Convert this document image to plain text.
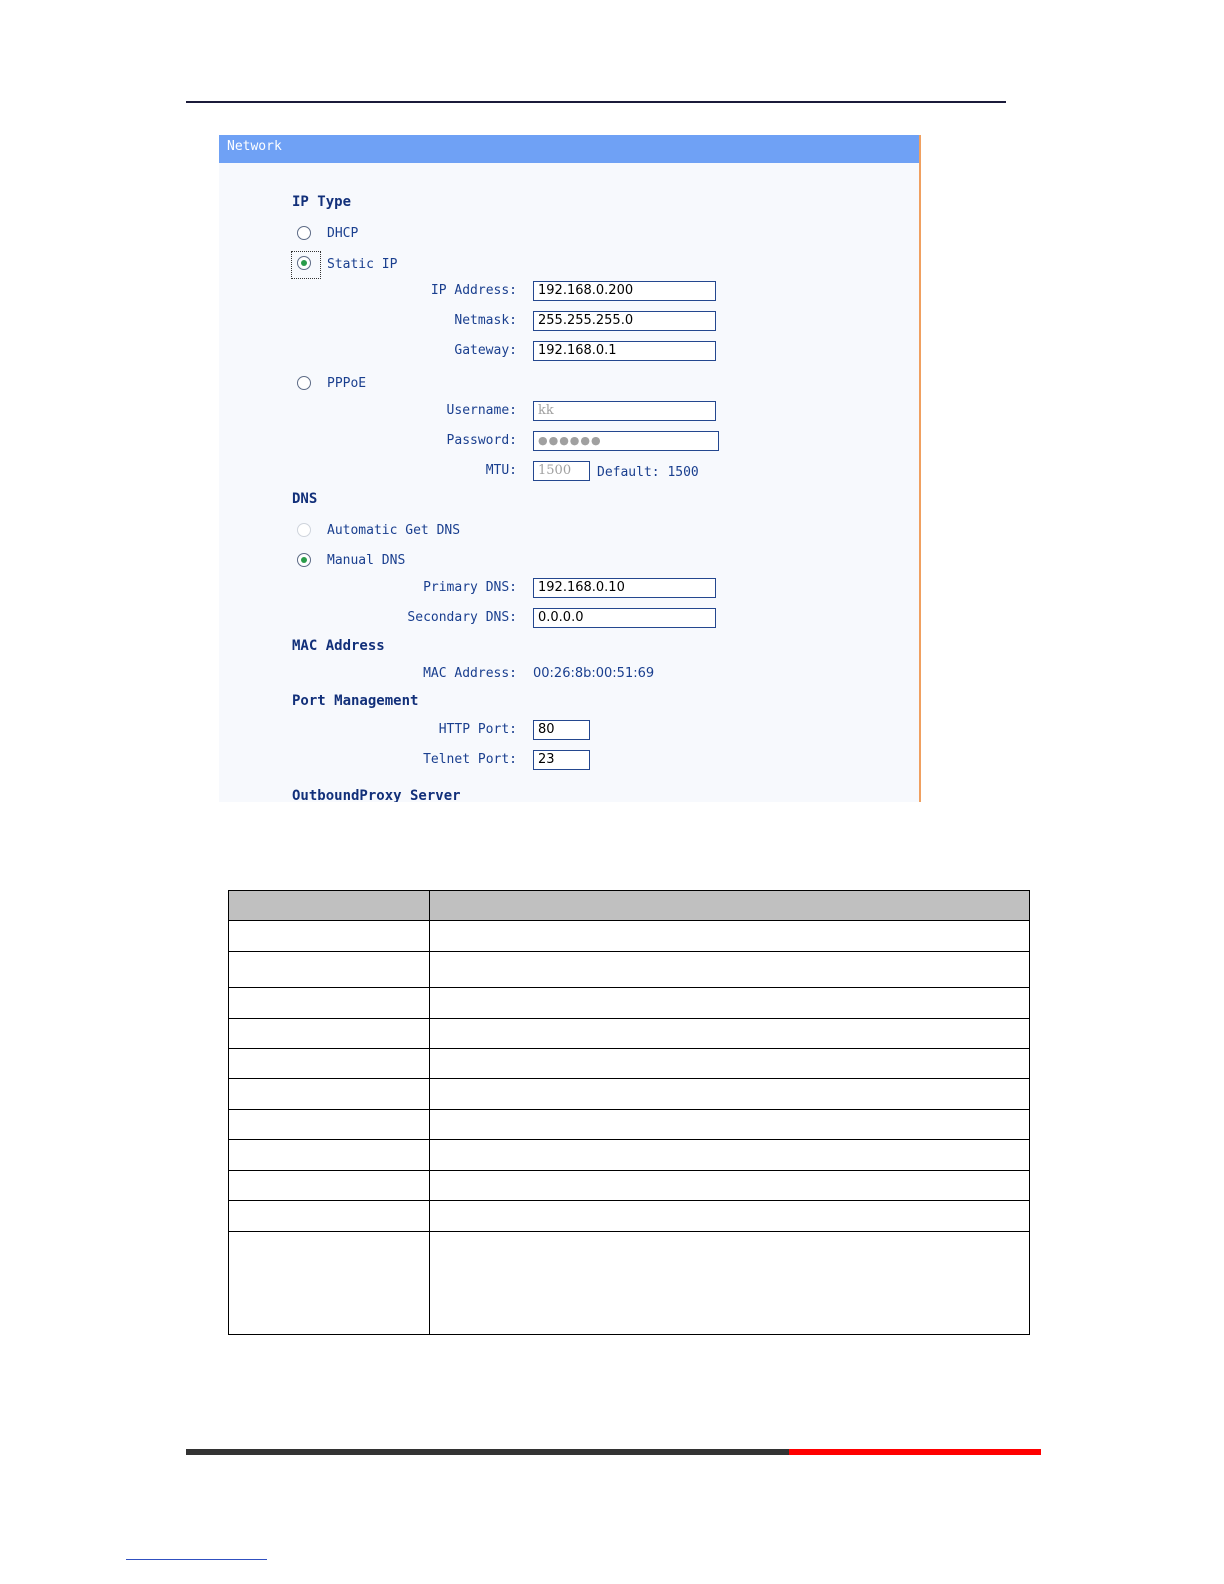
Network
IP Type
DHCP
Static IP
IP Address:	192.168.0.200
Netmask:	255.255.255.0
Gateway:	192.168.0.1
PPPoE
Username:	kk
Password:	●●●●●●
MTU:	1500	Default: 1500
DNS
Automatic Get DNS
Manual DNS
Primary DNS:	192.168.0.10
Secondary DNS:	0.0.0.0
MAC Address
MAC Address: 00:26:8b:00:51:69
Port Management
HTTP Port:	80
Telnet Port:	23
OutboundProxy Server
